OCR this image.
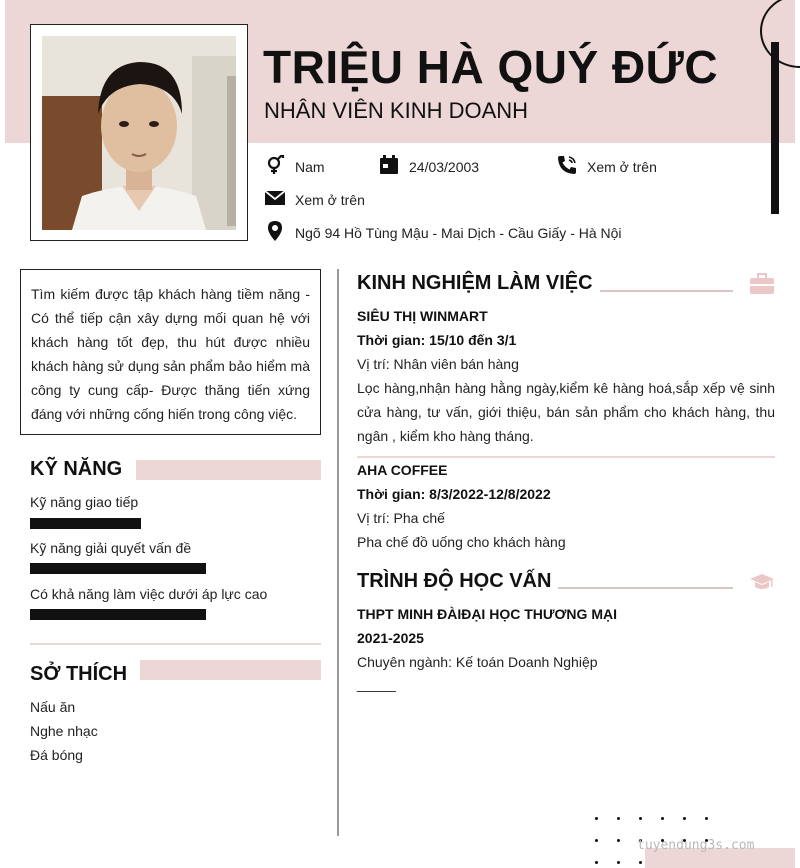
TRIỆU HÀ QUÝ ĐỨC
NHÂN VIÊN KINH DOANH
Nam	24/03/2003	Xem ở trên
Xem ở trên
Ngõ 94 Hồ Tùng Mậu - Mai Dịch - Cầu Giấy - Hà Nội
Tìm kiếm được tập khách hàng tiềm năng - Có thể tiếp cận xây dựng mối quan hệ với khách hàng tốt đẹp, thu hút được nhiều khách hàng sử dụng sản phẩm bảo hiểm mà công ty cung cấp- Được thăng tiến xứng đáng với những cống hiến trong công việc.
KỸ NĂNG
Kỹ năng giao tiếp
Kỹ năng giải quyết vấn đề
Có khả năng làm việc dưới áp lực cao
SỞ THÍCH
Nấu ăn
Nghe nhạc
Đá bóng
KINH NGHIỆM LÀM VIỆC
SIÊU THỊ WINMART
Thời gian: 15/10 đến 3/1
Vị trí: Nhân viên bán hàng
Lọc hàng,nhận hàng hằng ngày,kiểm kê hàng hoá,sắp xếp vệ sinh cửa hàng, tư vấn, giới thiệu, bán sản phẩm cho khách hàng, thu ngân , kiểm kho hàng tháng.
AHA COFFEE
Thời gian: 8/3/2022-12/8/2022
Vị trí: Pha chế
Pha chế đồ uống cho khách hàng
TRÌNH ĐỘ HỌC VẤN
THPT MINH ĐÀIĐẠI HỌC THƯƠNG MẠI
2021-2025
Chuyên ngành: Kế toán Doanh Nghiệp
_____
tuyendung3s.com
